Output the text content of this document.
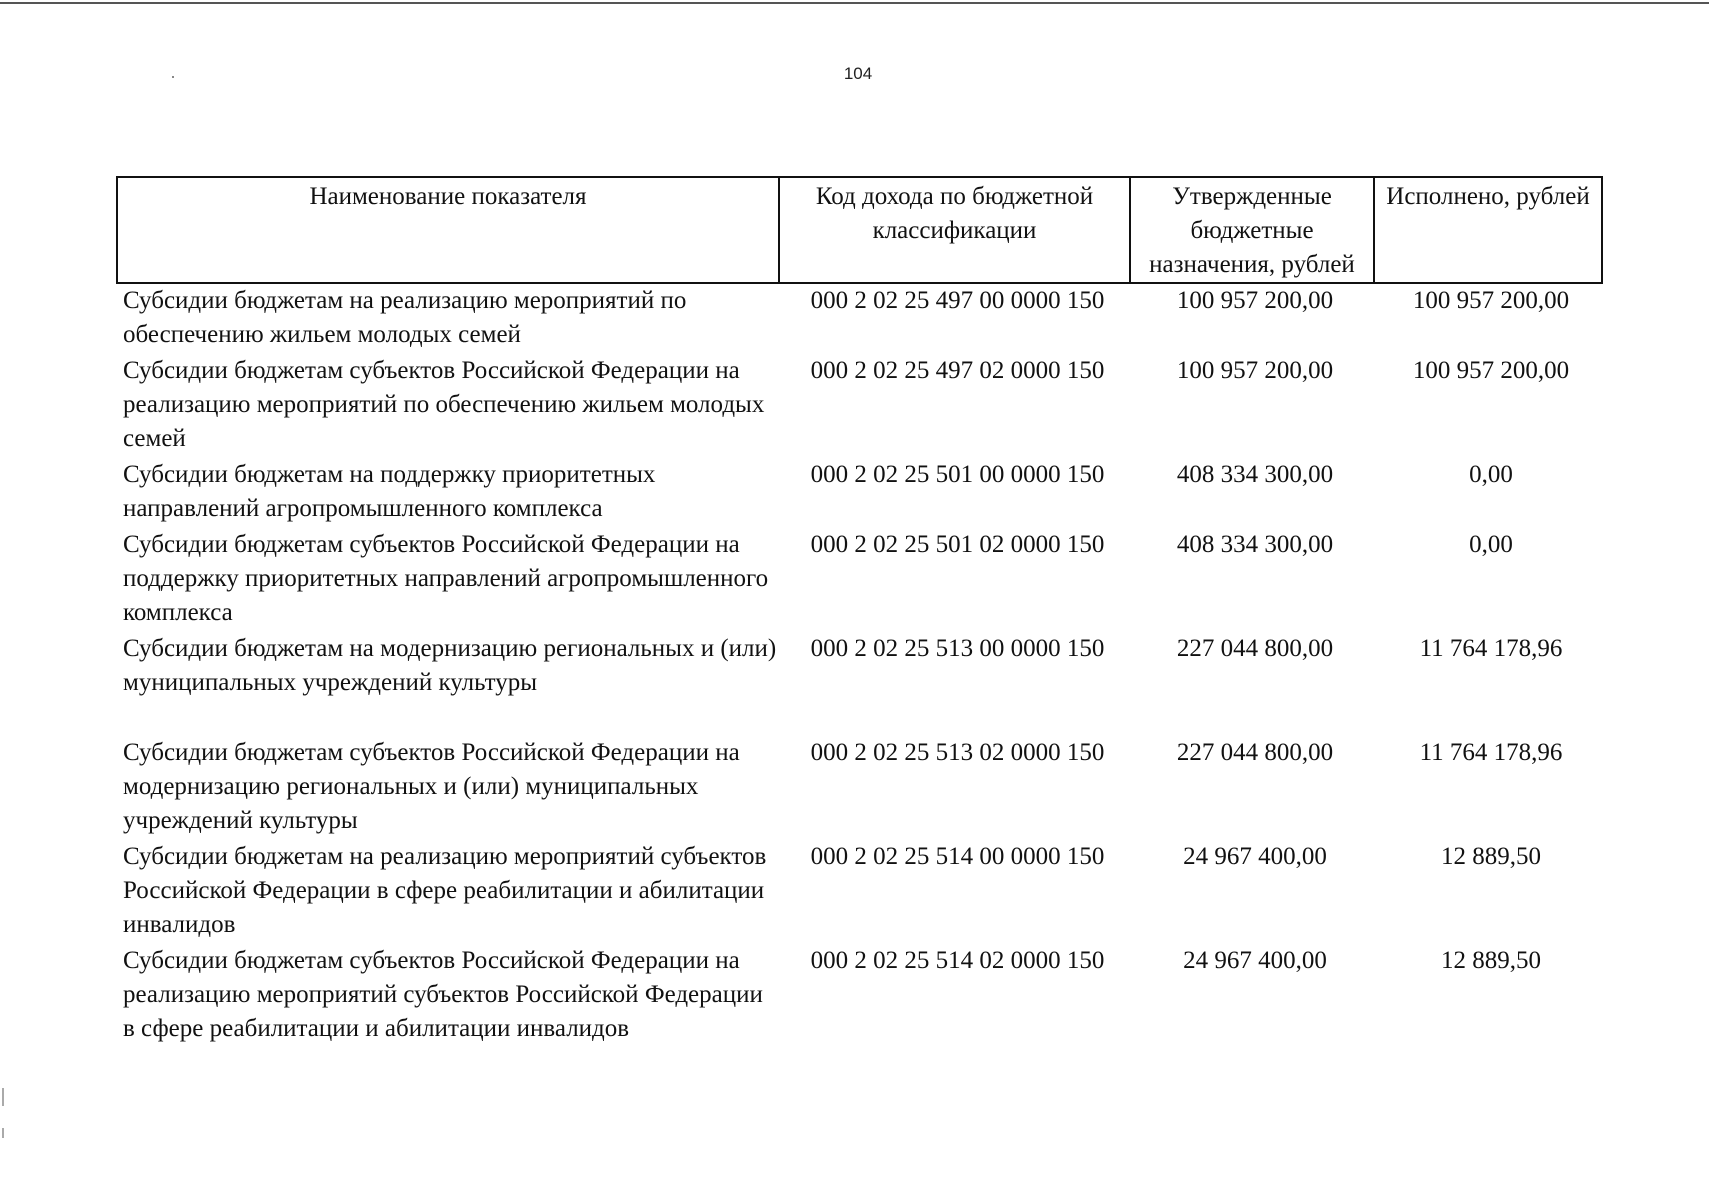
104
Наименование показателя	Код дохода по бюджетной классификации	Утвержденные бюджетные назначения, рублей	Исполнено, рублей
Субсидии бюджетам на реализацию мероприятий по обеспечению жильем молодых семей	000 2 02 25 497 00 0000 150	100 957 200,00	100 957 200,00
Субсидии бюджетам субъектов Российской Федерации на реализацию мероприятий по обеспечению жильем молодых семей	000 2 02 25 497 02 0000 150	100 957 200,00	100 957 200,00
Субсидии бюджетам на поддержку приоритетных направлений агропромышленного комплекса	000 2 02 25 501 00 0000 150	408 334 300,00	0,00
Субсидии бюджетам субъектов Российской Федерации на поддержку приоритетных направлений агропромышленного комплекса	000 2 02 25 501 02 0000 150	408 334 300,00	0,00
Субсидии бюджетам на модернизацию региональных и (или) муниципальных учреждений культуры	000 2 02 25 513 00 0000 150	227 044 800,00	11 764 178,96
Субсидии бюджетам субъектов Российской Федерации на модернизацию региональных и (или) муниципальных учреждений культуры	000 2 02 25 513 02 0000 150	227 044 800,00	11 764 178,96
Субсидии бюджетам на реализацию мероприятий субъектов Российской Федерации в сфере реабилитации и абилитации инвалидов	000 2 02 25 514 00 0000 150	24 967 400,00	12 889,50
Субсидии бюджетам субъектов Российской Федерации на реализацию мероприятий субъектов Российской Федерации в сфере реабилитации и абилитации инвалидов	000 2 02 25 514 02 0000 150	24 967 400,00	12 889,50
